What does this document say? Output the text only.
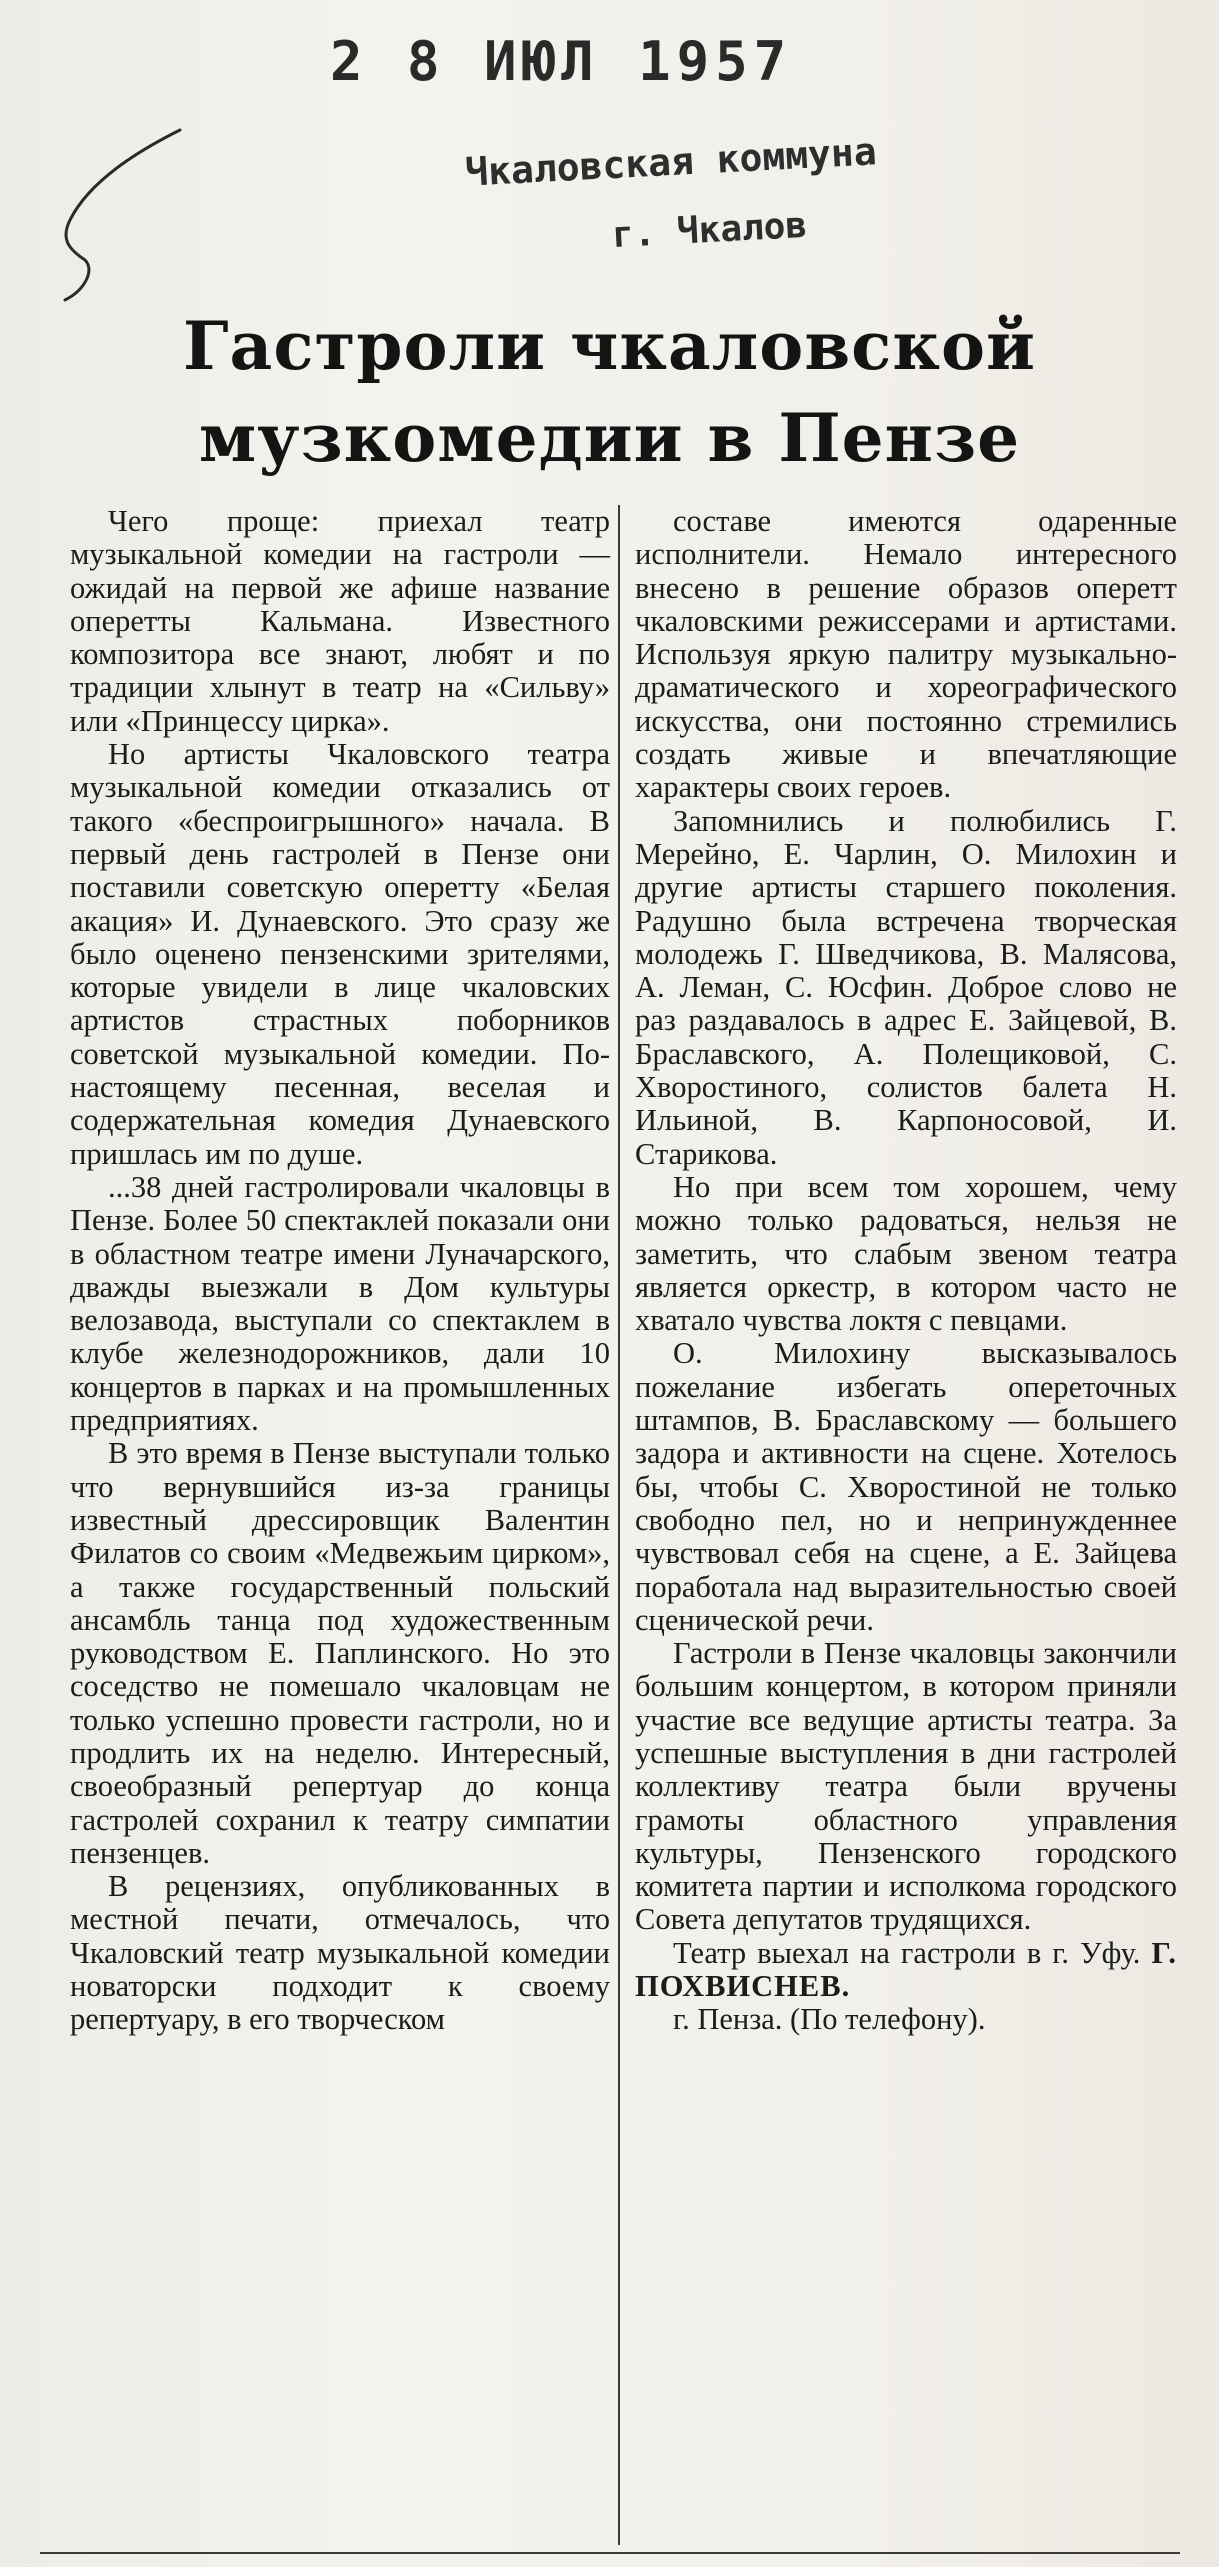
2 8 ИЮЛ 1957
Чкаловская коммуна
г. Чкалов
Гастроли чкаловской
музкомедии в Пензе

Чего проще: приехал театр музыкальной комедии на гастроли — ожидай на первой же афише название оперетты Кальмана. Известного композитора все знают, любят и по традиции хлынут в театр на «Сильву» или «Принцессу цирка».

Но артисты Чкаловского театра музыкальной комедии отказались от такого «беспроигрышного» начала. В первый день гастролей в Пензе они поставили советскую оперетту «Белая акация» И. Дунаевского. Это сразу же было оценено пензенскими зрителями, которые увидели в лице чкаловских артистов страстных поборников советской музыкальной комедии. По-настоящему песенная, веселая и содержательная комедия Дунаевского пришлась им по душе.

...38 дней гастролировали чкаловцы в Пензе. Более 50 спектаклей показали они в областном театре имени Луначарского, дважды выезжали в Дом культуры велозавода, выступали со спектаклем в клубе железнодорожников, дали 10 концертов в парках и на промышленных предприятиях.

В это время в Пензе выступали только что вернувшийся из-за границы известный дрессировщик Валентин Филатов со своим «Медвежьим цирком», а также государственный польский ансамбль танца под художественным руководством Е. Паплинского. Но это соседство не помешало чкаловцам не только успешно провести гастроли, но и продлить их на неделю. Интересный, своеобразный репертуар до конца гастролей сохранил к театру симпатии пензенцев.

В рецензиях, опубликованных в местной печати, отмечалось, что Чкаловский театр музыкальной комедии новаторски подходит к своему репертуару, в его творческом

составе имеются одаренные исполнители. Немало интересного внесено в решение образов оперетт чкаловскими режиссерами и артистами. Используя яркую палитру музыкально-драматического и хореографического искусства, они постоянно стремились создать живые и впечатляющие характеры своих героев.

Запомнились и полюбились Г. Мерейно, Е. Чарлин, О. Милохин и другие артисты старшего поколения. Радушно была встречена творческая молодежь Г. Шведчикова, В. Малясова, А. Леман, С. Юсфин. Доброе слово не раз раздавалось в адрес Е. Зайцевой, В. Браславского, А. Полещиковой, С. Хворостиного, солистов балета Н. Ильиной, В. Карпоносовой, И. Старикова.

Но при всем том хорошем, чему можно только радоваться, нельзя не заметить, что слабым звеном театра является оркестр, в котором часто не хватало чувства локтя с певцами.

О. Милохину высказывалось пожелание избегать опереточных штампов, В. Браславскому — большего задора и активности на сцене. Хотелось бы, чтобы С. Хворостиной не только свободно пел, но и непринужденнее чувствовал себя на сцене, а Е. Зайцева поработала над выразительностью своей сценической речи.

Гастроли в Пензе чкаловцы закончили большим концертом, в котором приняли участие все ведущие артисты театра. За успешные выступления в дни гастролей коллективу театра были вручены грамоты областного управления культуры, Пензенского городского комитета партии и исполкома городского Совета депутатов трудящихся.

Театр выехал на гастроли в г. Уфу. Г. ПОХВИСНЕВ.

г. Пенза. (По телефону).
